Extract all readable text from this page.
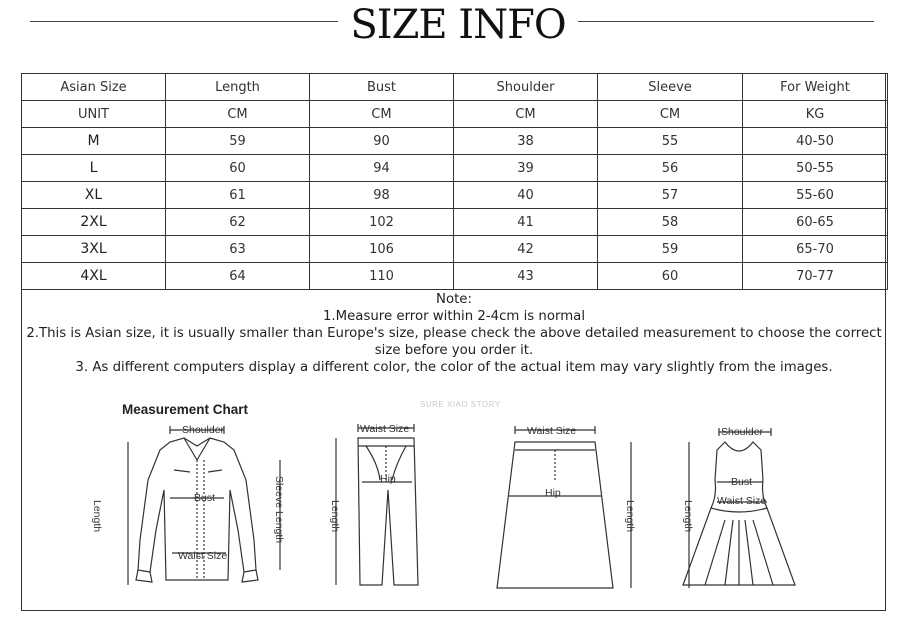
SIZE INFO
Asian Size	Length	Bust	Shoulder	Sleeve	For Weight
UNIT	CM	CM	CM	CM	KG
M	59	90	38	55	40-50
L	60	94	39	56	50-55
XL	61	98	40	57	55-60
2XL	62	102	41	58	60-65
3XL	63	106	42	59	65-70
4XL	64	110	43	60	70-77
Note:
1.Measure error within 2-4cm is normal
2.This is Asian size, it is usually smaller than Europe's size, please check the above detailed measurement to choose the correct size before you order it.
3. As different computers display a different color, the color of the actual item may vary slightly from the images.
Measurement Chart	SURE XIAO STORY
Shoulder
Bust
Waist Size
Length	Sleeve Length
Waist Size
Hip
Length
Waist Size
Hip
Length
Shoulder
Bust
Waist Size
Length
